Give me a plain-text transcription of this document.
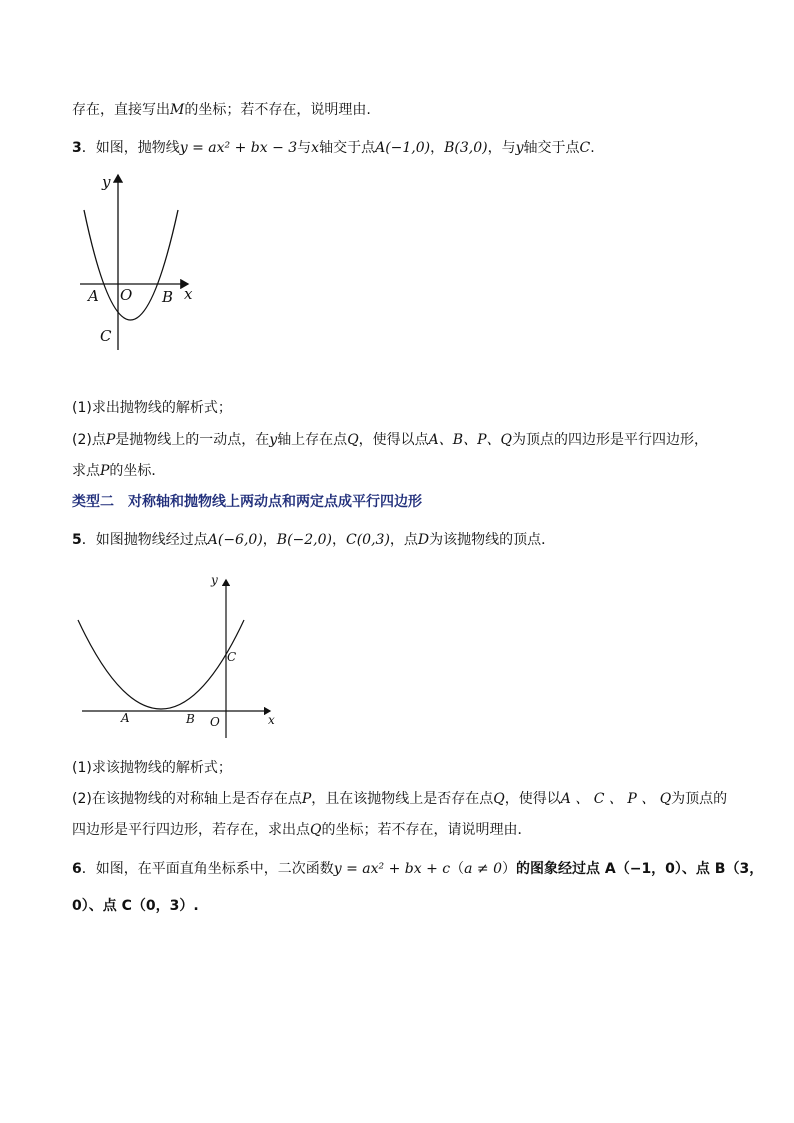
存在，直接写出M的坐标；若不存在，说明理由.
3．如图，抛物线y = ax² + bx − 3与x轴交于点A(−1,0)，B(3,0)，与y轴交于点C.
y
x
A O B
C
(1)求出抛物线的解析式；
(2)点P是抛物线上的一动点，在y轴上存在点Q，使得以点A、B、P、Q为顶点的四边形是平行四边形，
求点P的坐标．
类型二　对称轴和抛物线上两动点和两定点成平行四边形
5．如图抛物线经过点A(−6,0)，B(−2,0)，C(0,3)，点D为该抛物线的顶点．
y
x
A	B O
C
(1)求该抛物线的解析式；
(2)在该抛物线的对称轴上是否存在点P，且在该抛物线上是否存在点Q，使得以A 、 C 、 P 、 Q为顶点的
四边形是平行四边形，若存在，求出点Q的坐标；若不存在，请说明理由．
6．如图，在平面直角坐标系中，二次函数y = ax² + bx + c（a ≠ 0）的图象经过点 A（−1，0）、点 B（3，
0）、点 C（0，3）.
